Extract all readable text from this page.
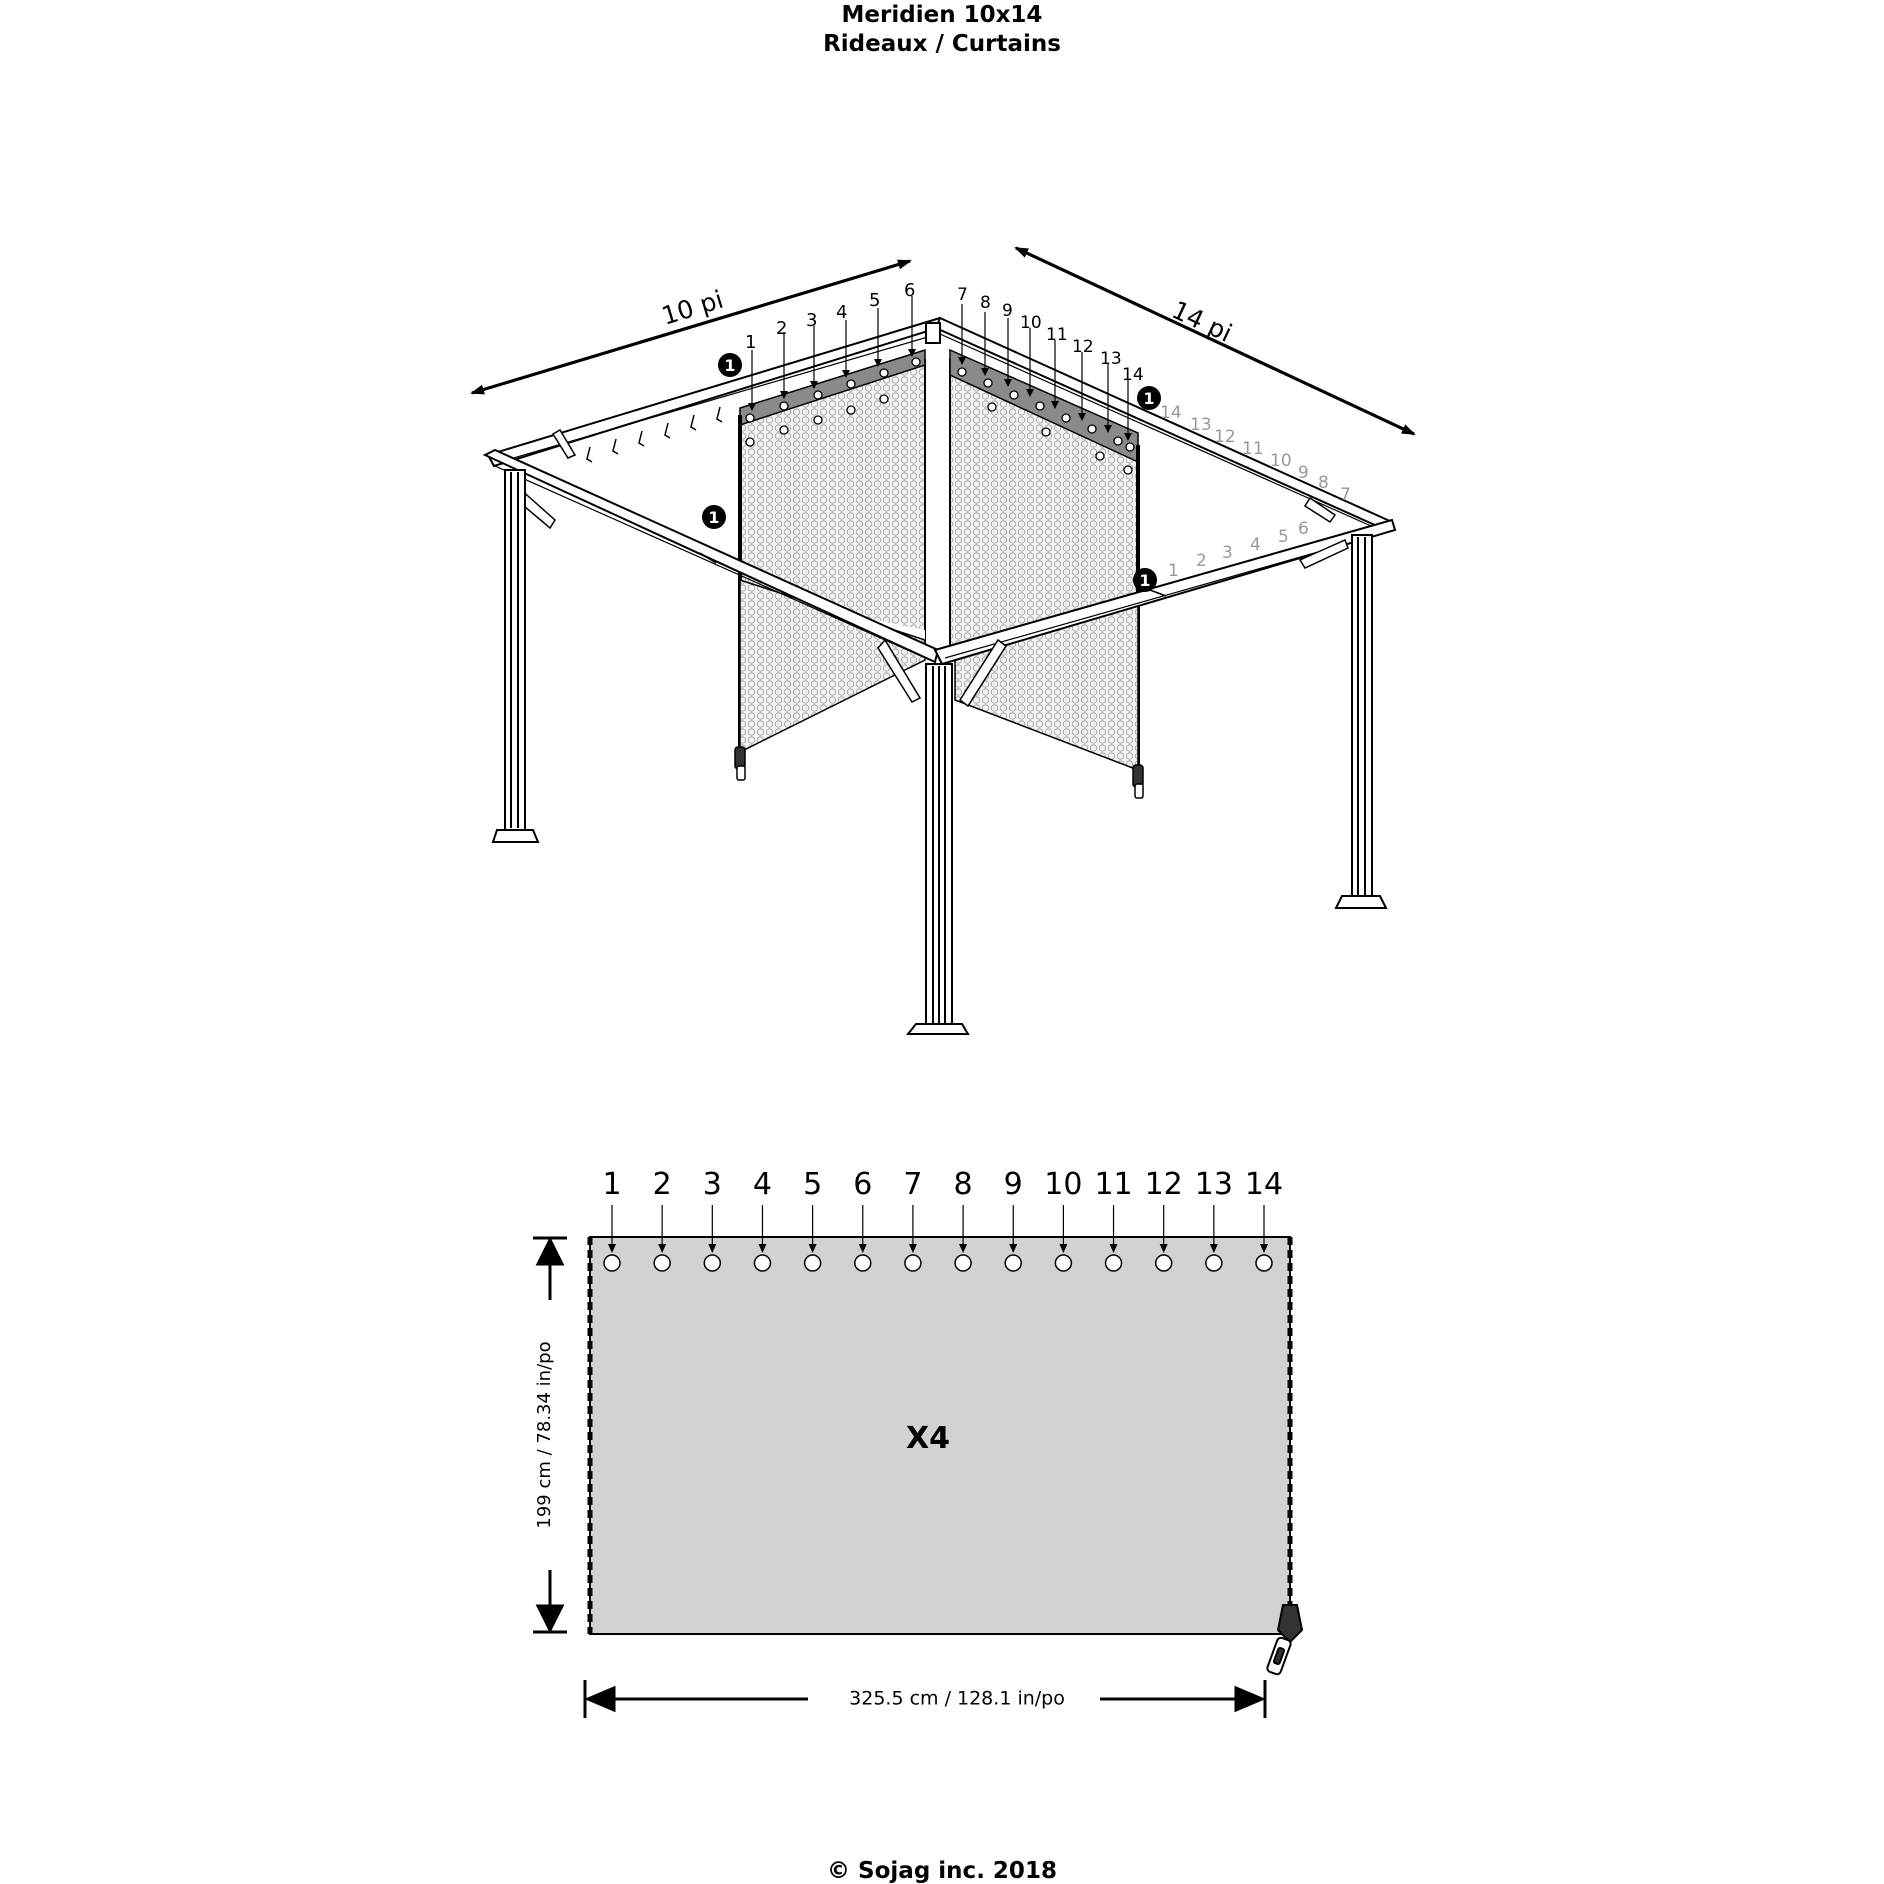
Meridien 10x14
Rideaux / Curtains
10 pi	14 pi
1
2 3 4
5 6 7 8 9
10
11
12
13
14
14
13
12
11
10
9 8
7
1 2 3 4 5 6
1
1
1
1
1 2 3 4 5 6 7 8 9 10 11 12 13 14
X4
199 cm / 78.34 in/po
325.5 cm / 128.1 in/po
© Sojag inc. 2018
